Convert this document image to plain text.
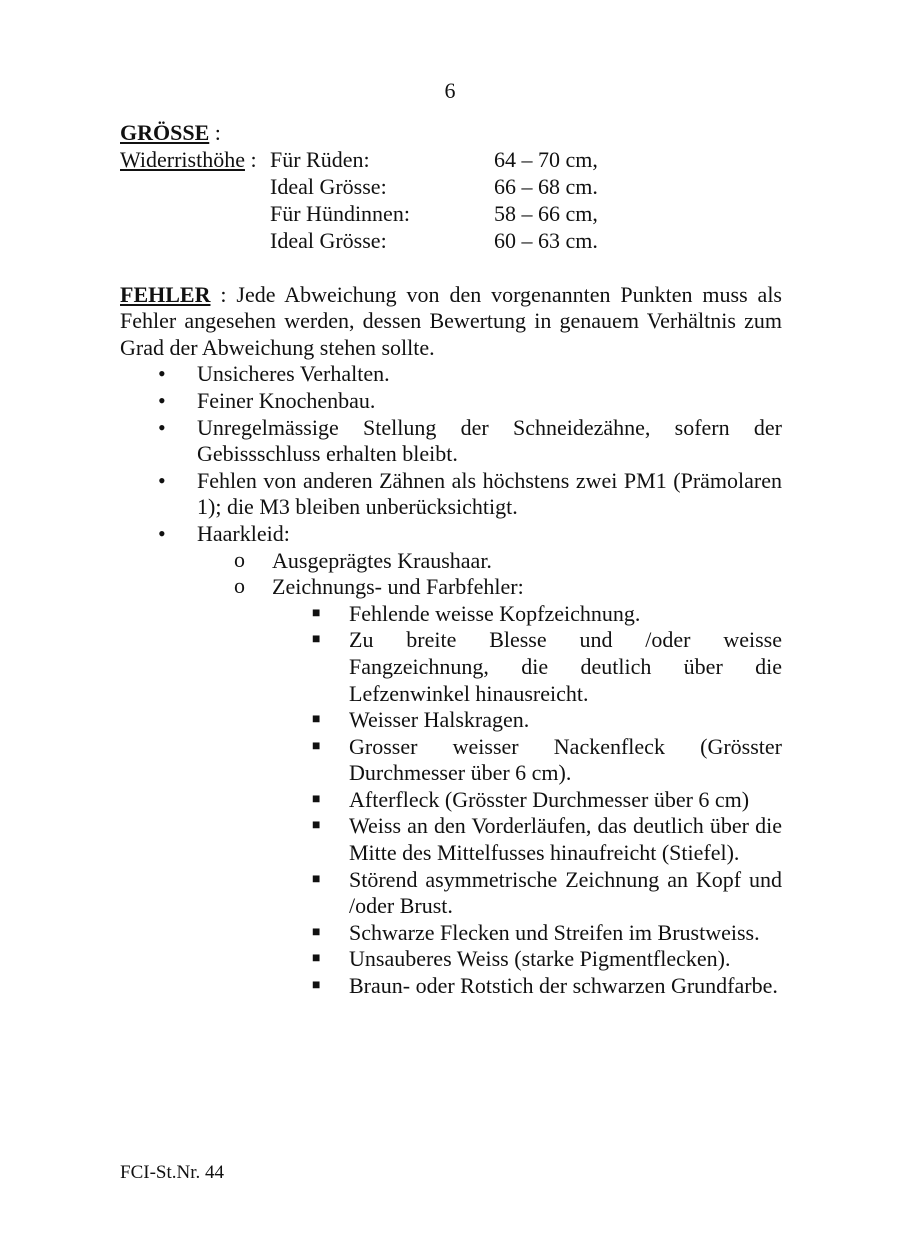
6
GRÖSSE :
Widerristhöhe : Für Rüden:	64 – 70 cm,
Ideal Grösse:	66 – 68 cm.
Für Hündinnen:	58 – 66 cm,
Ideal Grösse:	60 – 63 cm.
FEHLER : Jede Abweichung von den vorgenannten Punkten muss als Fehler angesehen werden, dessen Bewertung in genauem Verhältnis zum Grad der Abweichung stehen sollte.
• Unsicheres Verhalten.
• Feiner Knochenbau.
• Unregelmässige Stellung der Schneidezähne, sofern der Gebissschluss erhalten bleibt.
• Fehlen von anderen Zähnen als höchstens zwei PM1 (Prämolaren 1); die M3 bleiben unberücksichtigt.
• Haarkleid:
o	Ausgeprägtes Kraushaar.
o	Zeichnungs- und Farbfehler:
■ Fehlende weisse Kopfzeichnung.
■ Zu breite Blesse und /oder weisse Fangzeichnung, die deutlich über die Lefzenwinkel hinausreicht.
■ Weisser Halskragen.
■ Grosser weisser Nackenfleck (Grösster Durchmesser über 6 cm).
■ Afterfleck (Grösster Durchmesser über 6 cm)
■ Weiss an den Vorderläufen, das deutlich über die Mitte des Mittelfusses hinaufreicht (Stiefel).
■ Störend asymmetrische Zeichnung an Kopf und /oder Brust.
■ Schwarze Flecken und Streifen im Brustweiss.
■ Unsauberes Weiss (starke Pigmentflecken).
■ Braun- oder Rotstich der schwarzen Grundfarbe.
FCI-St.Nr. 44
